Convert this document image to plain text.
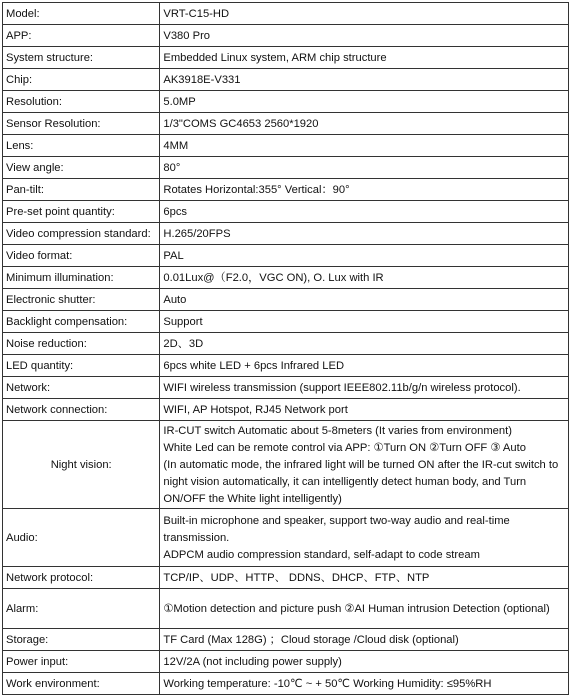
Model:	VRT-C15-HD
APP:	V380 Pro
System structure:	Embedded Linux system, ARM chip structure
Chip:	AK3918E-V331
Resolution:	5.0MP
Sensor Resolution:	1/3"COMS GC4653 2560*1920
Lens:	4MM
View angle:	80°
Pan-tilt:	Rotates Horizontal:355° Vertical：90°
Pre-set point quantity:	6pcs
Video compression standard:	H.265/20FPS
Video format:	PAL
Minimum illumination:	0.01Lux@（F2.0，VGC ON), O. Lux with IR
Electronic shutter:	Auto
Backlight compensation:	Support
Noise reduction:	2D、3D
LED quantity:	6pcs white LED + 6pcs Infrared LED
Network:	WIFI wireless transmission (support IEEE802.11b/g/n wireless protocol).
Network connection:	WIFI, AP Hotspot, RJ45 Network port
Night vision:	IR-CUT switch Automatic about 5-8meters (It varies from environment)
White Led can be remote control via APP: ①Turn ON ②Turn OFF ③ Auto
(In automatic mode, the infrared light will be turned ON after the IR-cut switch to night vision automatically, it can intelligently detect human body, and Turn ON/OFF the White light intelligently)

Audio:	Built-in microphone and speaker, support two-way audio and real-time transmission.
ADPCM audio compression standard, self-adapt to code stream

Network protocol:	TCP/IP、UDP、HTTP、 DDNS、DHCP、FTP、NTP
Alarm:	①Motion detection and picture push ②AI Human intrusion Detection (optional)
Storage:	TF Card (Max 128G) ；Cloud storage /Cloud disk (optional)
Power input:	12V/2A (not including power supply)
Work environment:	Working temperature: -10℃ ~ + 50℃ Working Humidity: ≤95%RH
